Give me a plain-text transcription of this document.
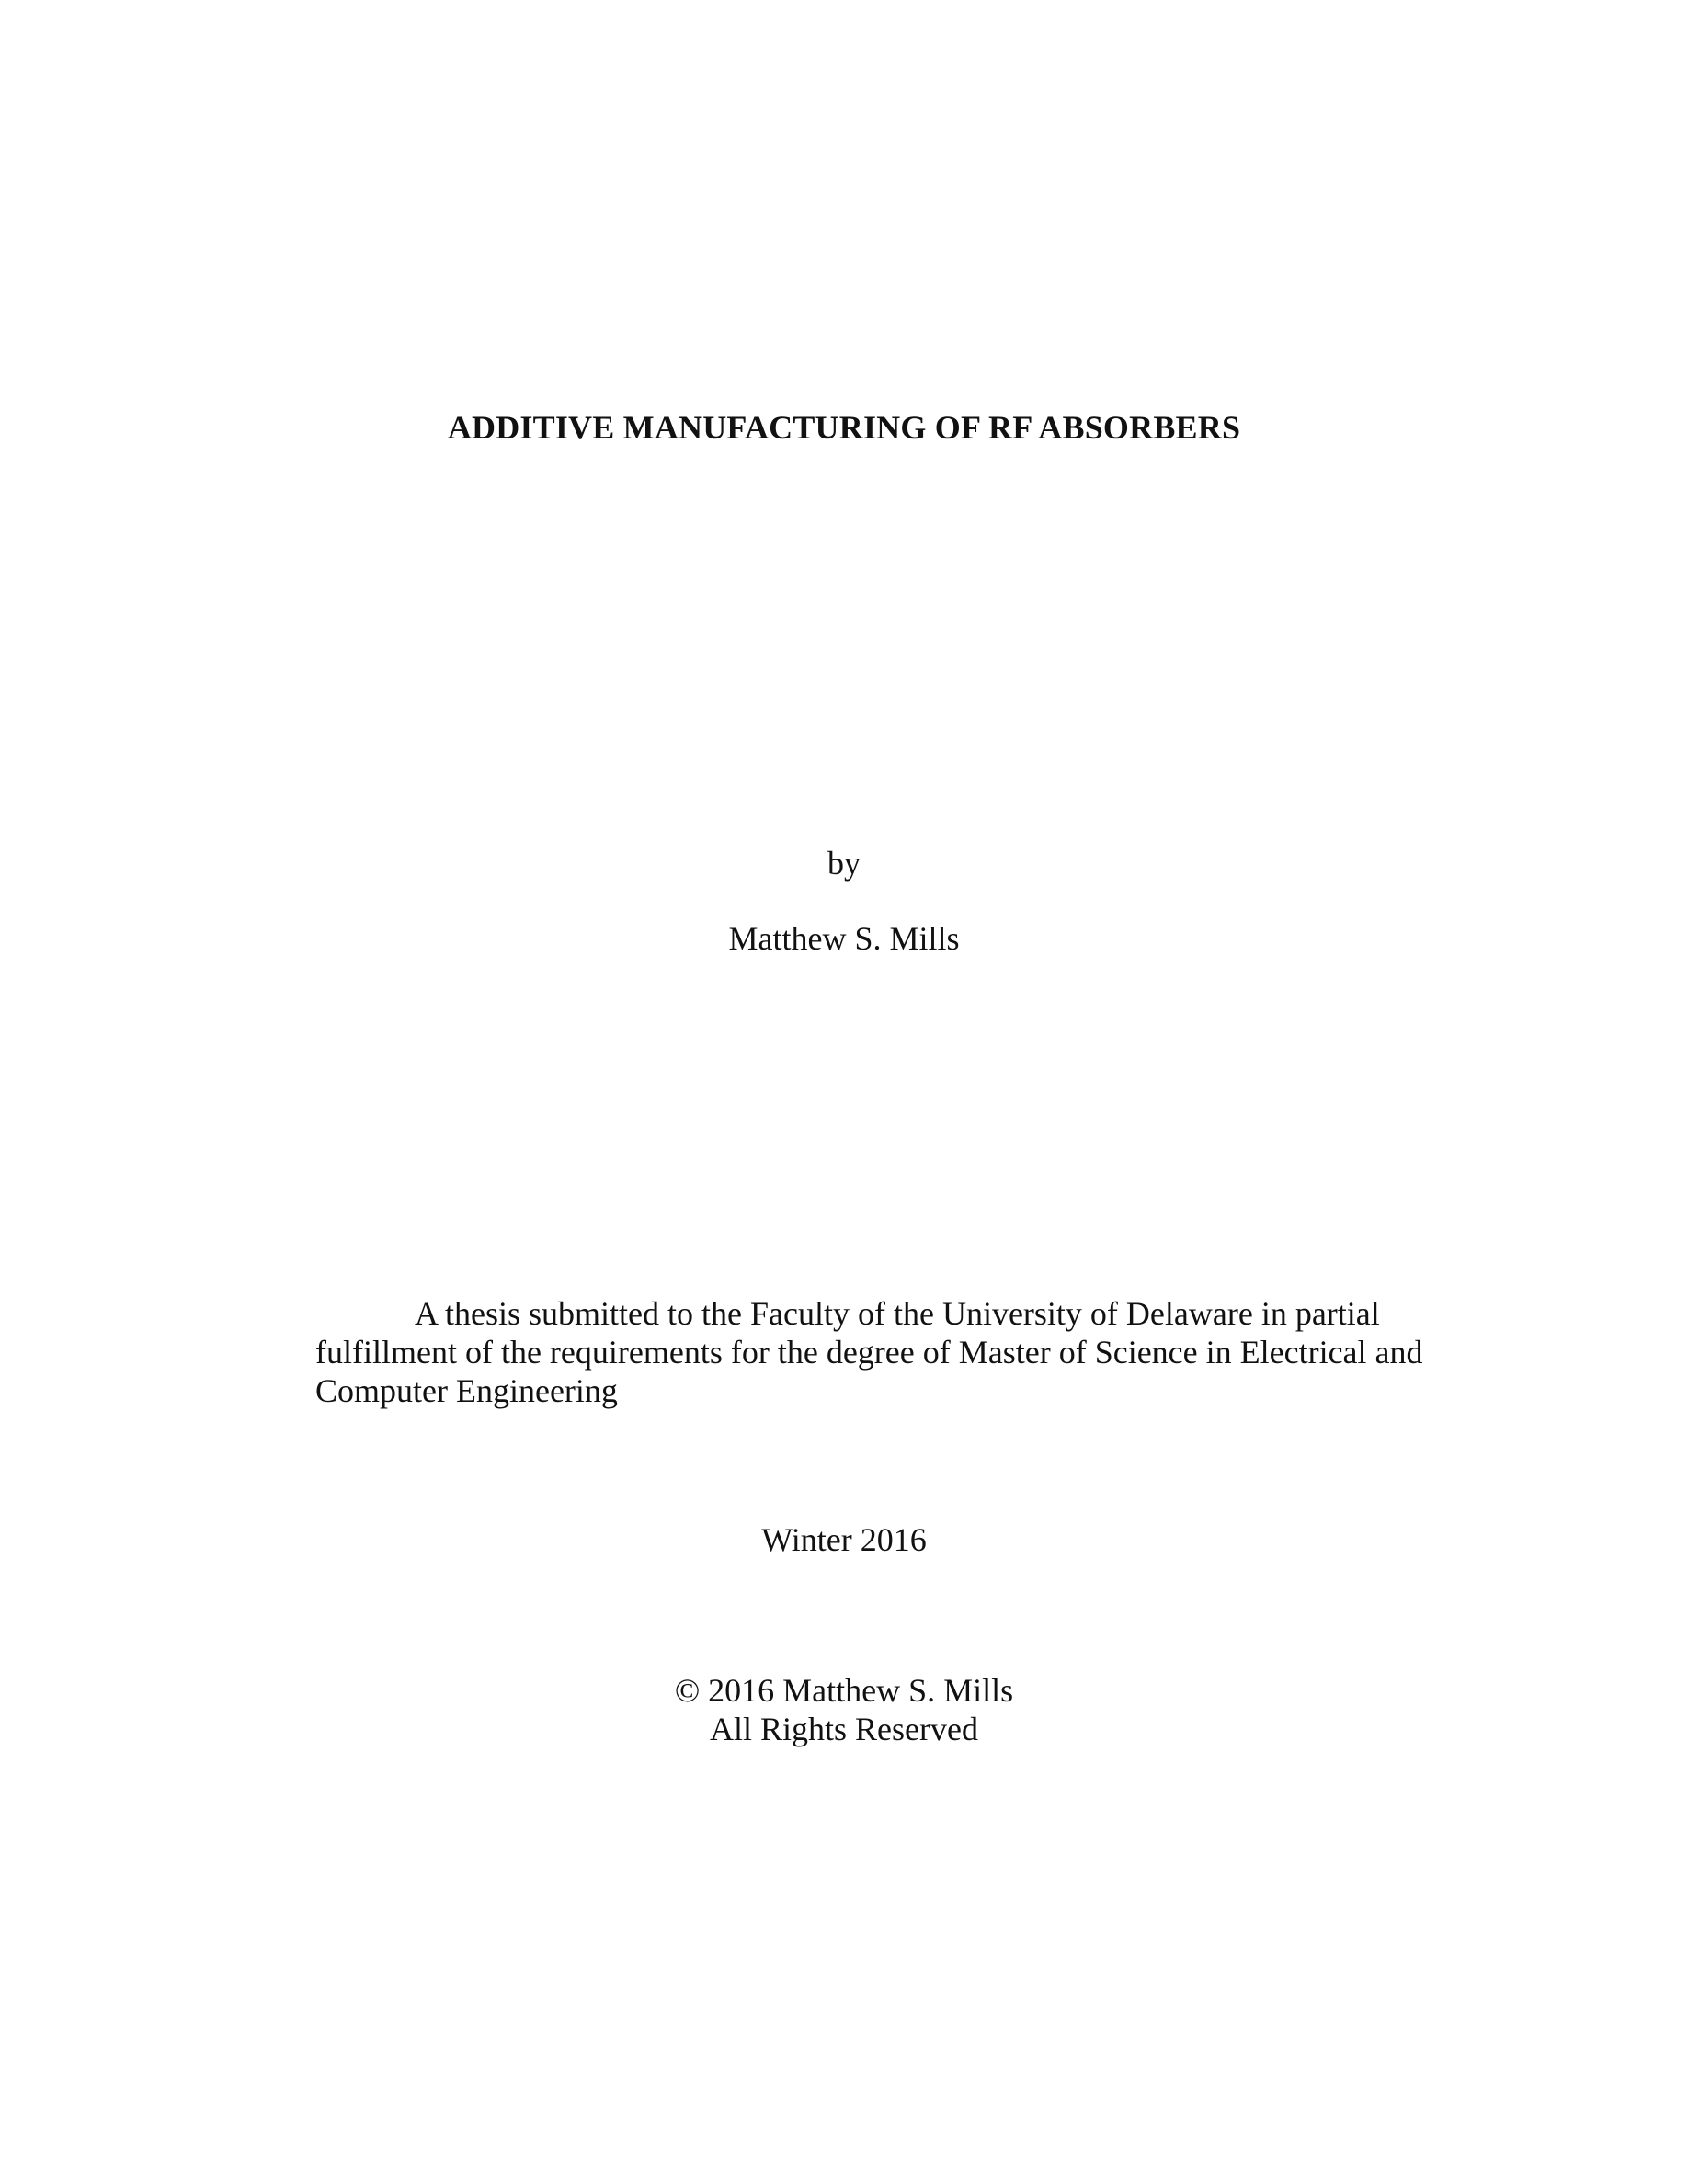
ADDITIVE MANUFACTURING OF RF ABSORBERS

by

Matthew S. Mills

A thesis submitted to the Faculty of the University of Delaware in partial fulfillment of the requirements for the degree of Master of Science in Electrical and Computer Engineering

Winter 2016

© 2016 Matthew S. Mills
All Rights Reserved
